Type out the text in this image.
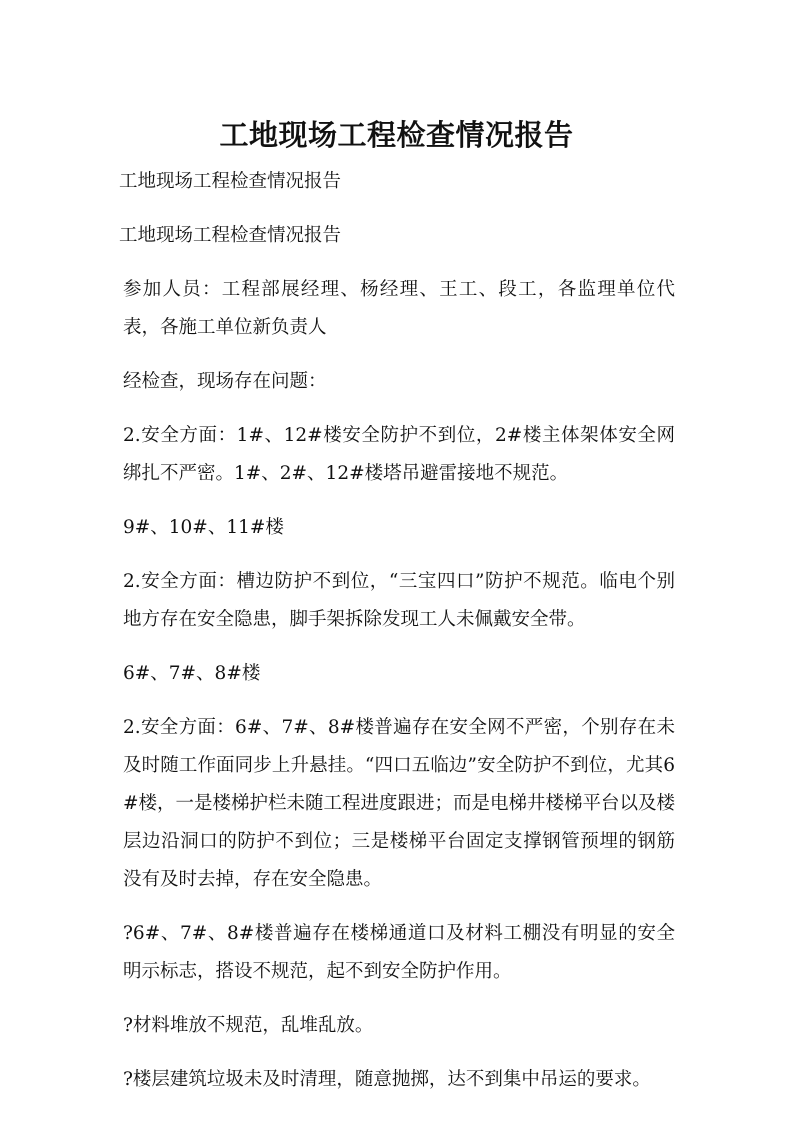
工地现场工程检查情况报告

工地现场工程检查情况报告

工地现场工程检查情况报告

参加人员：工程部展经理、杨经理、王工、段工，各监理单位代表，各施工单位新负责人

经检查，现场存在问题：

2.安全方面：1#、12#楼安全防护不到位，2#楼主体架体安全网绑扎不严密。1#、2#、12#楼塔吊避雷接地不规范。

9#、10#、11#楼

2.安全方面：槽边防护不到位，“三宝四口”防护不规范。临电个别地方存在安全隐患，脚手架拆除发现工人未佩戴安全带。

6#、7#、8#楼

2.安全方面：6#、7#、8#楼普遍存在安全网不严密，个别存在未及时随工作面同步上升悬挂。“四口五临边”安全防护不到位，尤其6#楼，一是楼梯护栏未随工程进度跟进；而是电梯井楼梯平台以及楼层边沿洞口的防护不到位；三是楼梯平台固定支撑钢管预埋的钢筋没有及时去掉，存在安全隐患。

?6#、7#、8#楼普遍存在楼梯通道口及材料工棚没有明显的安全明示标志，搭设不规范，起不到安全防护作用。

?材料堆放不规范，乱堆乱放。

?楼层建筑垃圾未及时清理，随意抛掷，达不到集中吊运的要求。
